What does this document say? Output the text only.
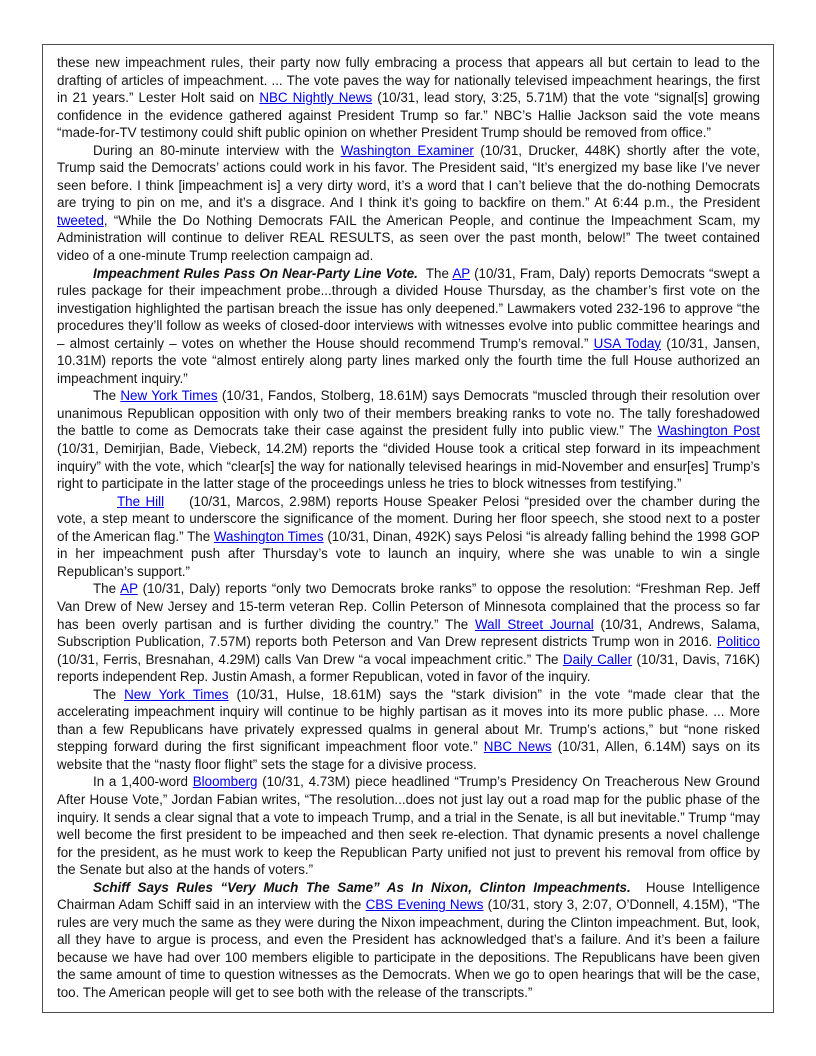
these new impeachment rules, their party now fully embracing a process that appears all but certain to lead to the drafting of articles of impeachment. ... The vote paves the way for nationally televised impeachment hearings, the first in 21 years.” Lester Holt said on NBC Nightly News (10/31, lead story, 3:25, 5.71M) that the vote “signal[s] growing confidence in the evidence gathered against President Trump so far.” NBC’s Hallie Jackson said the vote means “made-for-TV testimony could shift public opinion on whether President Trump should be removed from office.”

During an 80-minute interview with the Washington Examiner (10/31, Drucker, 448K) shortly after the vote, Trump said the Democrats’ actions could work in his favor. The President said, “It’s energized my base like I’ve never seen before. I think [impeachment is] a very dirty word, it’s a word that I can’t believe that the do-nothing Democrats are trying to pin on me, and it’s a disgrace. And I think it’s going to backfire on them.” At 6:44 p.m., the President tweeted, “While the Do Nothing Democrats FAIL the American People, and continue the Impeachment Scam, my Administration will continue to deliver REAL RESULTS, as seen over the past month, below!” The tweet contained video of a one-minute Trump reelection campaign ad.

Impeachment Rules Pass On Near-Party Line Vote.  The AP (10/31, Fram, Daly) reports Democrats “swept a rules package for their impeachment probe...through a divided House Thursday, as the chamber’s first vote on the investigation highlighted the partisan breach the issue has only deepened.” Lawmakers voted 232-196 to approve “the procedures they’ll follow as weeks of closed-door interviews with witnesses evolve into public committee hearings and – almost certainly – votes on whether the House should recommend Trump’s removal.” USA Today (10/31, Jansen, 10.31M) reports the vote “almost entirely along party lines marked only the fourth time the full House authorized an impeachment inquiry.”

The New York Times (10/31, Fandos, Stolberg, 18.61M) says Democrats “muscled through their resolution over unanimous Republican opposition with only two of their members breaking ranks to vote no. The tally foreshadowed the battle to come as Democrats take their case against the president fully into public view.” The Washington Post (10/31, Demirjian, Bade, Viebeck, 14.2M) reports the “divided House took a critical step forward in its impeachment inquiry” with the vote, which “clear[s] the way for nationally televised hearings in mid-November and ensur[es] Trump’s right to participate in the latter stage of the proceedings unless he tries to block witnesses from testifying.”

The Hill (10/31, Marcos, 2.98M) reports House Speaker Pelosi “presided over the chamber during the vote, a step meant to underscore the significance of the moment. During her floor speech, she stood next to a poster of the American flag.” The Washington Times (10/31, Dinan, 492K) says Pelosi “is already falling behind the 1998 GOP in her impeachment push after Thursday’s vote to launch an inquiry, where she was unable to win a single Republican’s support.”

The AP (10/31, Daly) reports “only two Democrats broke ranks” to oppose the resolution: “Freshman Rep. Jeff Van Drew of New Jersey and 15-term veteran Rep. Collin Peterson of Minnesota complained that the process so far has been overly partisan and is further dividing the country.” The Wall Street Journal (10/31, Andrews, Salama, Subscription Publication, 7.57M) reports both Peterson and Van Drew represent districts Trump won in 2016. Politico (10/31, Ferris, Bresnahan, 4.29M) calls Van Drew “a vocal impeachment critic.” The Daily Caller (10/31, Davis, 716K) reports independent Rep. Justin Amash, a former Republican, voted in favor of the inquiry.

The New York Times (10/31, Hulse, 18.61M) says the “stark division” in the vote “made clear that the accelerating impeachment inquiry will continue to be highly partisan as it moves into its more public phase. ... More than a few Republicans have privately expressed qualms in general about Mr. Trump’s actions,” but “none risked stepping forward during the first significant impeachment floor vote.” NBC News (10/31, Allen, 6.14M) says on its website that the “nasty floor flight” sets the stage for a divisive process.

In a 1,400-word Bloomberg (10/31, 4.73M) piece headlined “Trump’s Presidency On Treacherous New Ground After House Vote,” Jordan Fabian writes, “The resolution...does not just lay out a road map for the public phase of the inquiry. It sends a clear signal that a vote to impeach Trump, and a trial in the Senate, is all but inevitable.” Trump “may well become the first president to be impeached and then seek re-election. That dynamic presents a novel challenge for the president, as he must work to keep the Republican Party unified not just to prevent his removal from office by the Senate but also at the hands of voters.”

Schiff Says Rules “Very Much The Same” As In Nixon, Clinton Impeachments.  House Intelligence Chairman Adam Schiff said in an interview with the CBS Evening News (10/31, story 3, 2:07, O’Donnell, 4.15M), “The rules are very much the same as they were during the Nixon impeachment, during the Clinton impeachment. But, look, all they have to argue is process, and even the President has acknowledged that’s a failure. And it’s been a failure because we have had over 100 members eligible to participate in the depositions. The Republicans have been given the same amount of time to question witnesses as the Democrats. When we go to open hearings that will be the case, too. The American people will get to see both with the release of the transcripts.”
